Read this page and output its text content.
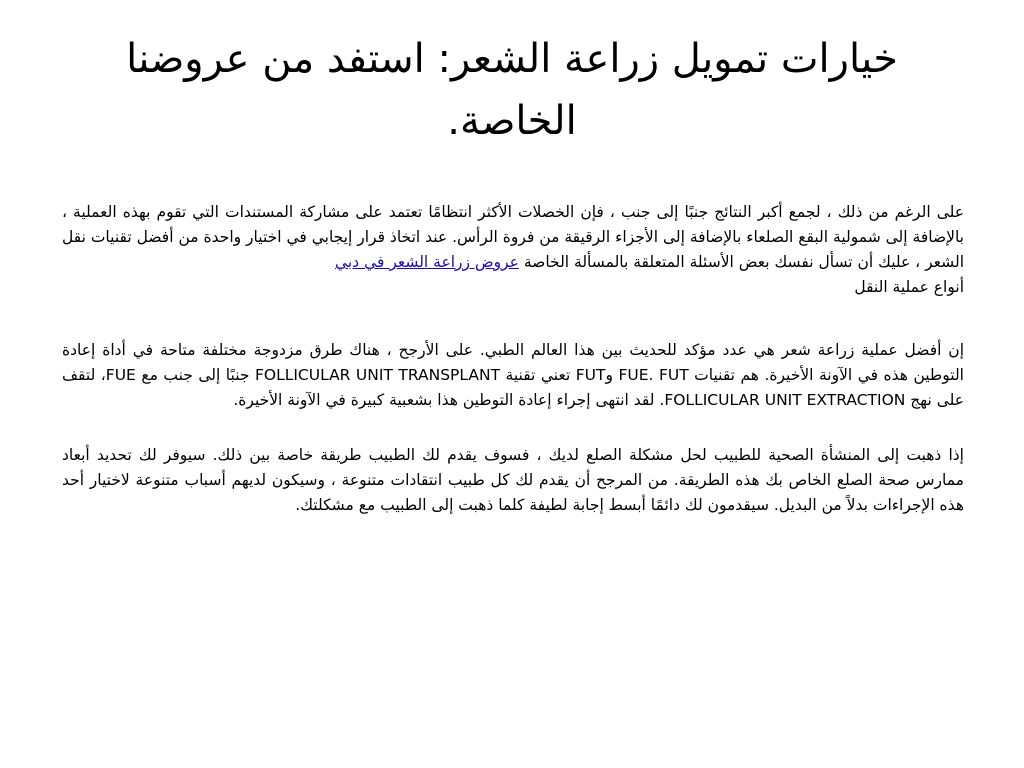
خيارات تمويل زراعة الشعر: استفد من عروضنا الخاصة.

على الرغم من ذلك ، لجمع أكبر النتائج جنبًا إلى جنب ، فإن الخصلات الأكثر انتظامًا تعتمد على مشاركة المستندات التي تقوم بهذه العملية ، بالإضافة إلى شمولية البقع الصلعاء بالإضافة إلى الأجزاء الرقيقة من فروة الرأس. عند اتخاذ قرار إيجابي في اختيار واحدة من أفضل تقنيات نقل الشعر ، عليك أن تسأل نفسك بعض الأسئلة المتعلقة بالمسألة الخاصة عروض زراعة الشعر في دبي

أنواع عملية النقل

إن أفضل عملية زراعة شعر هي عدد مؤكد للحديث بين هذا العالم الطبي. على الأرجح ، هناك طرق مزدوجة مختلفة متاحة في أداة إعادة التوطين هذه في الآونة الأخيرة. هم تقنيات FUE. FUT وFUT تعني تقنية FOLLICULAR UNIT TRANSPLANT جنبًا إلى جنب مع FUE، لتقف على نهج FOLLICULAR UNIT EXTRACTION. لقد انتهى إجراء إعادة التوطين هذا بشعبية كبيرة في الآونة الأخيرة.

إذا ذهبت إلى المنشأة الصحية للطبيب لحل مشكلة الصلع لديك ، فسوف يقدم لك الطبيب طريقة خاصة بين ذلك. سيوفر لك تحديد أبعاد ممارس صحة الصلع الخاص بك هذه الطريقة. من المرجح أن يقدم لك كل طبيب انتقادات متنوعة ، وسيكون لديهم أسباب متنوعة لاختيار أحد هذه الإجراءات بدلاً من البديل. سيقدمون لك دائمًا أبسط إجابة لطيفة كلما ذهبت إلى الطبيب مع مشكلتك.
